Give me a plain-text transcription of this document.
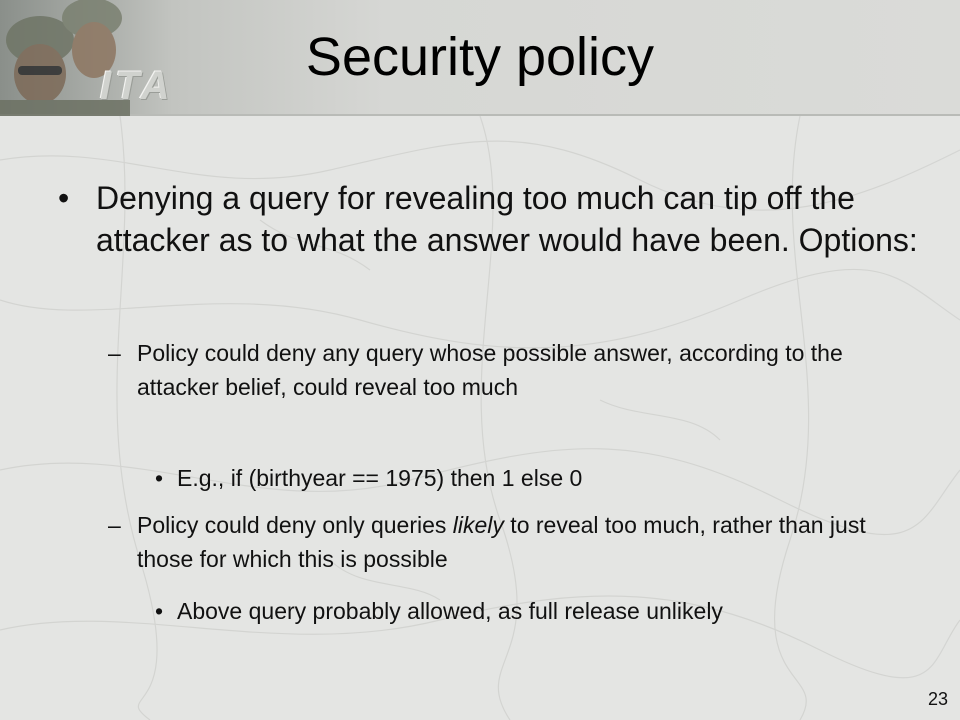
ITA	Security policy
• Denying a query for revealing too much can tip off the attacker as to what the answer would have been. Options:
– Policy could deny any query whose possible answer, according to the attacker belief, could reveal too much
• E.g., if (birthyear == 1975) then 1 else 0
– Policy could deny only queries likely to reveal too much, rather than just those for which this is possible
• Above query probably allowed, as full release unlikely
23
